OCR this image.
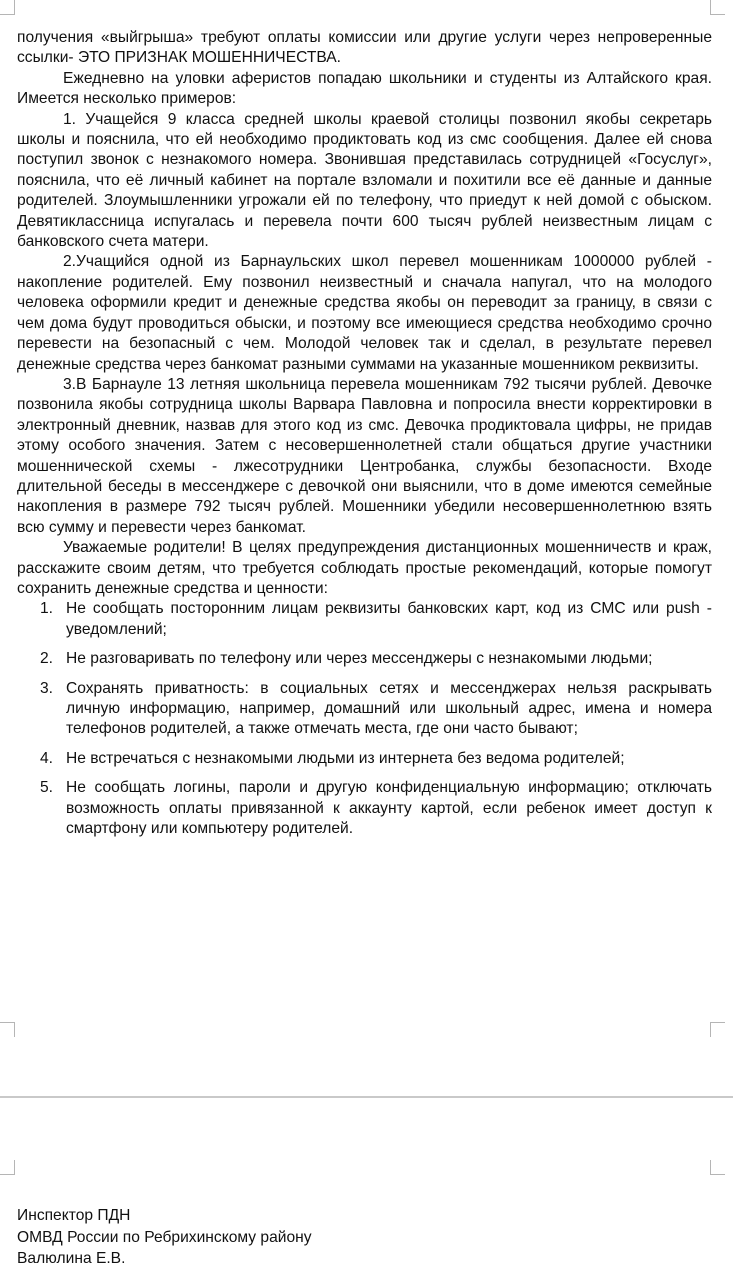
получения «выйгрыша» требуют оплаты комиссии или другие услуги через непроверенные ссылки- ЭТО ПРИЗНАК МОШЕННИЧЕСТВА.

Ежедневно на уловки аферистов попадаю школьники и студенты из Алтайского края. Имеется несколько примеров:

1. Учащейся 9 класса средней школы краевой столицы позвонил якобы секретарь школы и пояснила, что ей необходимо продиктовать код из смс сообщения. Далее ей снова поступил звонок с незнакомого номера. Звонившая представилась сотрудницей «Госуслуг», пояснила, что её личный кабинет на портале взломали и похитили все её данные и данные родителей. Злоумышленники угрожали ей по телефону, что приедут к ней домой с обыском. Девятиклассница испугалась и перевела почти 600 тысяч рублей неизвестным лицам с банковского счета матери.

2.Учащийся одной из Барнаульских школ перевел мошенникам 1000000 рублей - накопление родителей. Ему позвонил неизвестный и сначала напугал, что на молодого человека оформили кредит и денежные средства якобы он переводит за границу, в связи с чем дома будут проводиться обыски, и поэтому все имеющиеся средства необходимо срочно перевести на безопасный с чем. Молодой человек так и сделал, в результате перевел денежные средства через банкомат разными суммами на указанные мошенником реквизиты.

3.В Барнауле 13 летняя школьница перевела мошенникам 792 тысячи рублей. Девочке позвонила якобы сотрудница школы Варвара Павловна и попросила внести корректировки в электронный дневник, назвав для этого код из смс. Девочка продиктовала цифры, не придав этому особого значения. Затем с несовершеннолетней стали общаться другие участники мошеннической схемы - лжесотрудники Центробанка, службы безопасности. Входе длительной беседы в мессенджере с девочкой они выяснили, что в доме имеются семейные накопления в размере 792 тысяч рублей. Мошенники убедили несовершеннолетнюю взять всю сумму и перевести через банкомат.

Уважаемые родители! В целях предупреждения дистанционных мошенничеств и краж, расскажите своим детям, что требуется соблюдать простые рекомендаций, которые помогут сохранить денежные средства и ценности:

1. Не сообщать посторонним лицам реквизиты банковских карт, код из СМС или push - уведомлений;
2. Не разговаривать по телефону или через мессенджеры с незнакомыми людьми;
3. Сохранять приватность: в социальных сетях и мессенджерах нельзя раскрывать личную информацию, например, домашний или школьный адрес, имена и номера телефонов родителей, а также отмечать места, где они часто бывают;
4. Не встречаться с незнакомыми людьми из интернета без ведома родителей;
5. Не сообщать логины, пароли и другую конфиденциальную информацию; отключать возможность оплаты привязанной к аккаунту картой, если ребенок имеет доступ к смартфону или компьютеру родителей.
Инспектор ПДН
ОМВД России по Ребрихинскому району
Валюлина Е.В.
